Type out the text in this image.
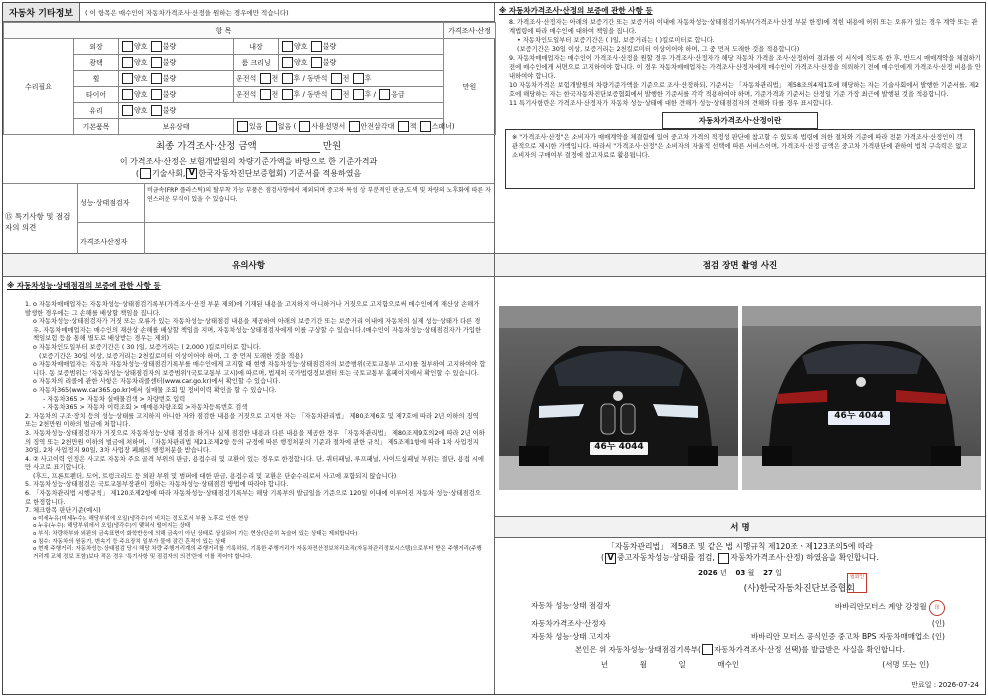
자동차 기타정보	( 이 항목은 매수인이 자동차가격조사·산정을 원하는 경우에만 적습니다)
항 목					가격조사·산정
수리필요	외장	양호 불량	내장	양호 불량	만원
	광택	양호 불량	룸 크리닝	양호 불량	
	휠	양호 불량	운전석 전 후 / 동반석 전 후		
	타이어	양호 불량	운전석 전 후 / 동반석 전 후 / 응급		
	유리	양호 불량			
	기본품목	보유상태	있음 없음 ( 사용설명서 안전삼각대 잭 스패너)		
최종 가격조사·산정 금액	만원
이 가격조사·산정은 보험개발원의 차량기준가액을 바탕으로 한 기준가격과
( 기술사회, V 한국자동차진단보증협회) 기준서를 적용하였음
⑮ 특기사항 및 점검자의 의견
성능·상태점검자
비금속(FRP 플라스틱)의 탈부착 가능 부품은 점검사항에서 제외되며 중고차 특성 상 부분적인 판금,도색 및 차량의 노후화에 따른 자연스러운 부식이 있을 수 있습니다.
가격조사산정자
※ 자동차가격조사·산정의 보증에 관한 사항 등
8. 가격조사·산정자는 아래의 보증기간 또는 보증거리 이내에 자동차성능·상태점검기록부(가격조사·산정 부분 한정)에 적힌 내용에 허위 또는 오류가 있는 경우 계약 또는 관계법령에 따라 매수인에 대하여 책임을 집니다.
• 자동차인도일부터 보증기간은 ( )일, 보증거리는 ( )킬로미터로 합니다.
(보증기간은 30일 이상, 보증거리는 2천킬로미터 이상이어야 하며, 그 중 먼저 도래한 것을 적용합니다)
9. 자동차매매업자는 매수인이 가격조사·산정을 원할 경우 가격조사·산정자가 해당 자동차 가격을 조사·산정하여 결과를 이 서식에 적도록 한 후, 반드시 매매계약을 체결하기 전에 매수인에게 서면으로 고지하여야 합니다. 이 경우 자동차매매업자는 가격조사·산정자에게 매수인이 가격조사·산정을 의뢰하기 전에 매수인에게 가격조사·산정 비용을 안내하여야 합니다.
10 자동차가격은 보험개발원의 차량기준가액을 기준으로 조사·산정하되, 기준서는 「자동차관리법」 제58조의4제1호에 해당하는 자는 기술사회에서 발행한 기준서를, 제2호에 해당하는 자는 한국자동차진단보증협회에서 발행한 기준서를 각각 적용하여야 하며, 기준가격과 기준서는 산정일 기준 가장 최근에 발행된 것을 적용합니다.
11 특기사항란은 가격조사·산정자가 자동차 성능·상태에 대한 견해가 성능·상태점검자의 견해와 다를 경우 표시합니다.
자동차가격조사·산정이란
※ "가격조사·산정"은 소비자가 매매계약을 체결함에 있어 중고차 가격의 적정성 판단에 참고할 수 있도록 법령에 의한 절차와 기준에 따라 전문 가격조사·산정인이 객관적으로 제시한 가액입니다. 따라서 "가격조사·산정"은 소비자의 자율적 선택에 따른 서비스이며, 가격조사·산정 금액은 중고차 가격판단에 관하여 법적 구속력은 없고 소비자의 구매여부 결정에 참고자료로 활용됩니다.
유의사항
※ 자동차성능·상태점검의 보증에 관한 사항 등
1. ο 자동차매매업자는 자동차성능·상태점검기록부(가격조사·산정 부분 제외)에 기재된 내용을 고지하지 아니하거나 거짓으로 고지함으로써 매수인에게 재산상 손해가 발생한 경우에는 그 손해를 배상할 책임을 집니다.
ο 자동차성능·상태점검자가 거짓 또는 오류가 있는 자동차성능·상태점검 내용을 제공하여 아래의 보증기간 또는 보증거리 이내에 자동차의 실제 성능·상태가 다른 경우, 자동차매매업자는 매수인의 재산상 손해를 배상할 책임을 지며, 자동차성능·상태점검자에게 이를 구상할 수 있습니다.(매수인이 자동차성능·상태점검자가 가입한 책임보험 등을 통해 별도로 배상받는 경우는 제외)
ο 자동차인도일부터 보증기간은 ( 30 )일, 보증거리는 ( 2,000 )킬로미터로 합니다.
(보증기간은 30일 이상, 보증거리는 2천킬로미터 이상이어야 하며, 그 중 먼저 도래한 것을 적용)
ο 자동차매매업자는 자동차 자동차성능·상태점검기록부를 매수인에게 고지할 때 현행 자동차성능·상태점검자의 보증범위(국토교통부 고시)를 첨부하여 고지하여야 합니다. 동 보증범위는 '자동차성능·상태점검자의 보증범위'(국토교통부 고시)에 따르며, 법제처 국가법령정보센터 또는 국토교통부 홈페이지에서 확인할 수 있습니다.
ο 자동차의 리콜에 관한 사항은 자동차리콜센터(www.car.go.kr)에서 확인할 수 있습니다.
ο 자동차365(www.car365.go.kr)에서 실매물 조회 및 정비이력 확인을 할 수 있습니다.
- 자동차365 > 자동차 실매물검색 > 차량번호 입력
- 자동차365 > 자동차 이력조회 > 매매용차량조회 >자동차등록번호 검색
2. 자동차의 구조·장치 등의 성능·상태를 고지하지 아니한 자와 점검한 내용을 거짓으로 고지한 자는 「자동차관리법」 제80조제6호 및 제7호에 따라 2년 이하의 징역 또는 2천만원 이하의 벌금에 처합니다.
3. 자동차성능·상태점검자가 거짓으로 자동차성능·상태 점검을 하거나 실제 점검한 내용과 다른 내용을 제공한 경우 「자동차관리법」 제80조제9호의2에 따라 2년 이하의 징역 또는 2천만원 이하의 벌금에 처하며, 「자동차관리법 제21조제2항 등의 규정에 따른 행정처분의 기준과 절차에 관한 규칙」 제5조제1항에 따라 1차 사업정지 30일, 2차 사업정지 90일, 3차 사업장 폐쇄의 행정처분을 받습니다.
4. ② 사고이력 인정은 사고로 자동차 주요 골격 부위의 판금, 용접수리 및 교환이 있는 경우로 한정합니다. 단, 쿼터패널, 루프패널, 사이드실패널 부위는 절단, 용접 시에만 사고로 표기합니다.
(후드, 프론트펜더, 도어, 트렁크리드 등 외판 부위 및 범퍼에 대한 판금, 용접수리 및 교환은 단순수리로서 사고에 포함되지 않습니다)
5. 자동차성능·상태점검은 국토교통부장관이 정하는 자동차성능·상태점검 방법에 따라야 합니다.
6. 「자동차관리법 시행규칙」 제120조제2항에 따라 자동차성능·상태점검기록부는 해당 기록부의 발급일을 기준으로 120일 이내에 이루어진 자동차 성능·상태점검으로 한정합니다.
7. 체크항목 판단기준(예시)
ο 미세누유(미세누수): 해당부위에 오일(냉각수)이 비치는 정도로서 부품 노후로 인한 현상
ο 누유(누수): 해당부위에서 오일(냉각수)이 맺혀서 떨어지는 상태
ο 부식: 차량하부와 외판의 금속표면이 화학반응에 의해 금속이 아닌 상태로 상실되어 가는 현상(단순히 녹슬어 있는 상태는 제외합니다)
ο 침수: 자동차의 원동기, 변속기 등 주요장치 일부가 물에 잠긴 흔적이 있는 상태
ο 현재 주행거리: 자동차성능·상태점검 당시 해당 차량 주행거리계의 주행거리를 기록하되, 기록한 주행거리가 자동차전산정보처리조직(자동차관리정보시스템)으로부터 받은 주행거리(주행거리계 교체 정보 포함)보다 적은 경우 '특기사항 및 점검자의 의견'란에 이를 적어야 합니다.
점검 장면 촬영 사진
46누 4044
46누 4044
서 명
「자동차관리법」 제58조 및 같은 법 시행규칙 제120조ㆍ제123조의5에 따라
( V 중고자동차성능·상태를 점검, 자동차가격조사·산정) 하였음을 확인합니다.
2026 년 03 월 27 일
(사)한국자동차진단보증협회
협회인
자동차 성능·상태 점검자	바바리안모터스 계양 강정월 印
자동차가격조사·산정자	(인)
자동차 성능·상태 고지자	바바리안 모터스 공식인증 중고차 BPS 자동차매매업소 (인)
본인은 위 자동차성능·상태점검기록부( 자동차가격조사·산정 선택)를 발급받은 사실을 확인합니다.
년	월	일	매수인	(서명 또는 인)
만료일 : 2026-07-24
